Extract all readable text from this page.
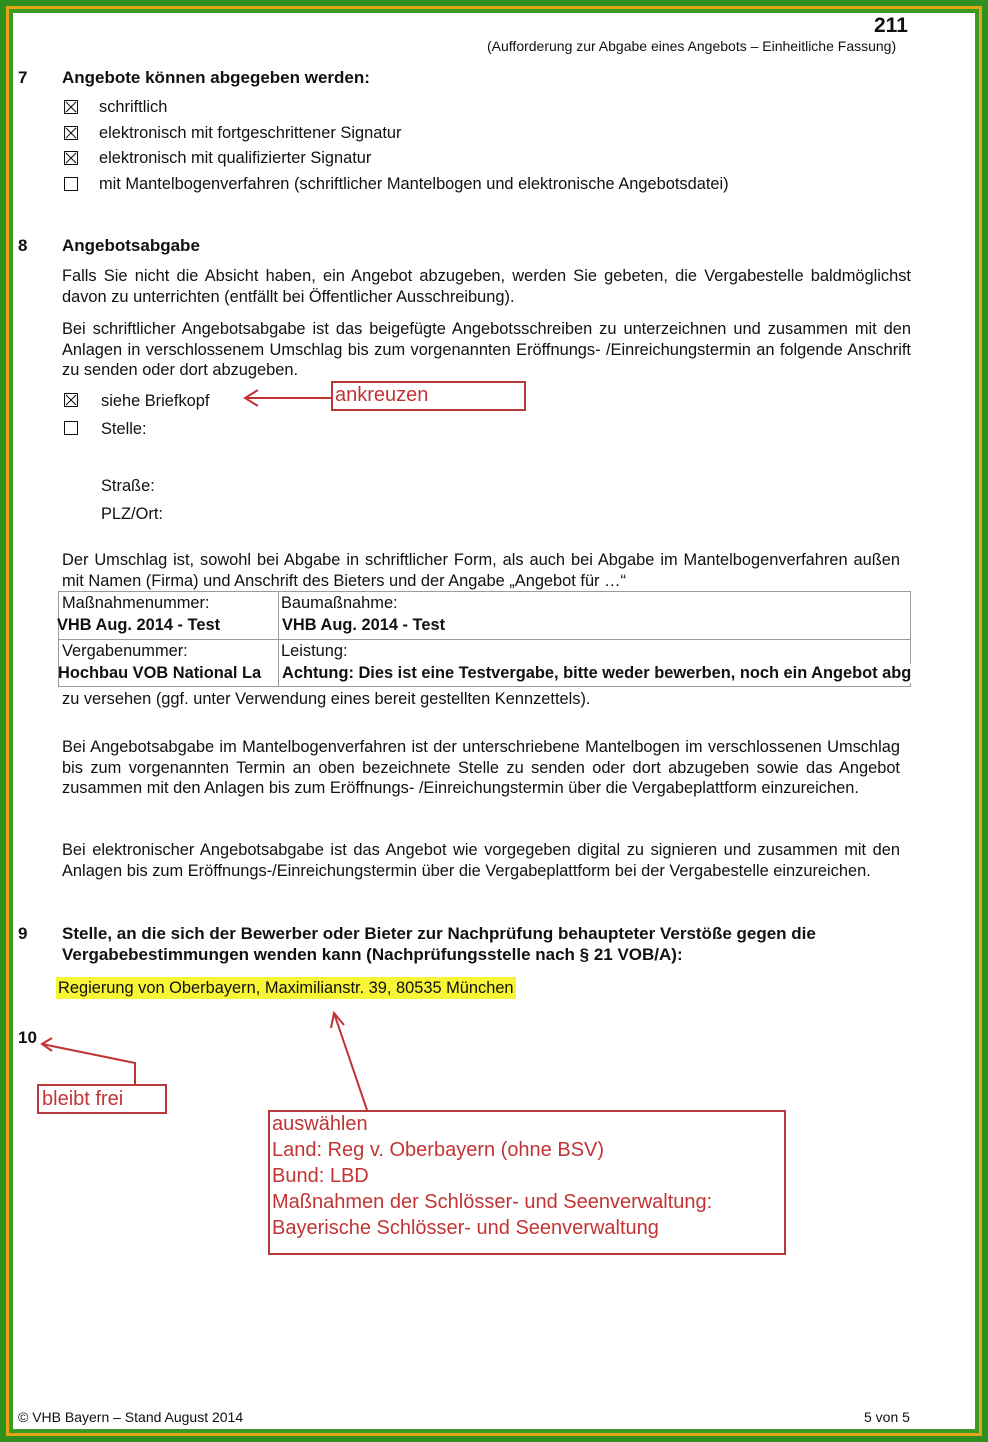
211
(Aufforderung zur Abgabe eines Angebots – Einheitliche Fassung)
7 Angebote können abgegeben werden:
schriftlich
elektronisch mit fortgeschrittener Signatur
elektronisch mit qualifizierter Signatur
mit Mantelbogenverfahren (schriftlicher Mantelbogen und elektronische Angebotsdatei)
8 Angebotsabgabe
Falls Sie nicht die Absicht haben, ein Angebot abzugeben, werden Sie gebeten, die Vergabestelle baldmöglichst davon zu unterrichten (entfällt bei Öffentlicher Ausschreibung).
Bei schriftlicher Angebotsabgabe ist das beigefügte Angebotsschreiben zu unterzeichnen und zusammen mit den Anlagen in verschlossenem Umschlag bis zum vorgenannten Eröffnungs- /Einreichungstermin an folgende Anschrift zu senden oder dort abzugeben.
siehe Briefkopf
Stelle:
Straße:
PLZ/Ort:
Der Umschlag ist, sowohl bei Abgabe in schriftlicher Form, als auch bei Abgabe im Mantelbogenverfahren außen mit Namen (Firma) und Anschrift des Bieters und der Angabe „Angebot für …“
Maßnahmenummer:
VHB Aug. 2014 - Test
Baumaßnahme:
VHB Aug. 2014 - Test
Vergabenummer:
Hochbau VOB National La
Leistung:
Achtung: Dies ist eine Testvergabe, bitte weder bewerben, noch ein Angebot abg
zu versehen (ggf. unter Verwendung eines bereit gestellten Kennzettels).
Bei Angebotsabgabe im Mantelbogenverfahren ist der unterschriebene Mantelbogen im verschlossenen Umschlag bis zum vorgenannten Termin an oben bezeichnete Stelle zu senden oder dort abzugeben sowie das Angebot zusammen mit den Anlagen bis zum Eröffnungs- /Einreichungstermin über die Vergabeplattform einzureichen.
Bei elektronischer Angebotsabgabe ist das Angebot wie vorgegeben digital zu signieren und zusammen mit den Anlagen bis zum Eröffnungs-/Einreichungstermin über die Vergabeplattform bei der Vergabestelle einzureichen.
9 Stelle, an die sich der Bewerber oder Bieter zur Nachprüfung behaupteter Verstöße gegen die
Vergabebestimmungen wenden kann (Nachprüfungsstelle nach § 21 VOB/A):
Regierung von Oberbayern, Maximilianstr. 39, 80535 München
10
ankreuzen
bleibt frei
auswählen
Land: Reg v. Oberbayern (ohne BSV)
Bund: LBD
Maßnahmen der Schlösser- und Seenverwaltung:
Bayerische Schlösser- und Seenverwaltung
© VHB Bayern – Stand August 2014	5 von 5
